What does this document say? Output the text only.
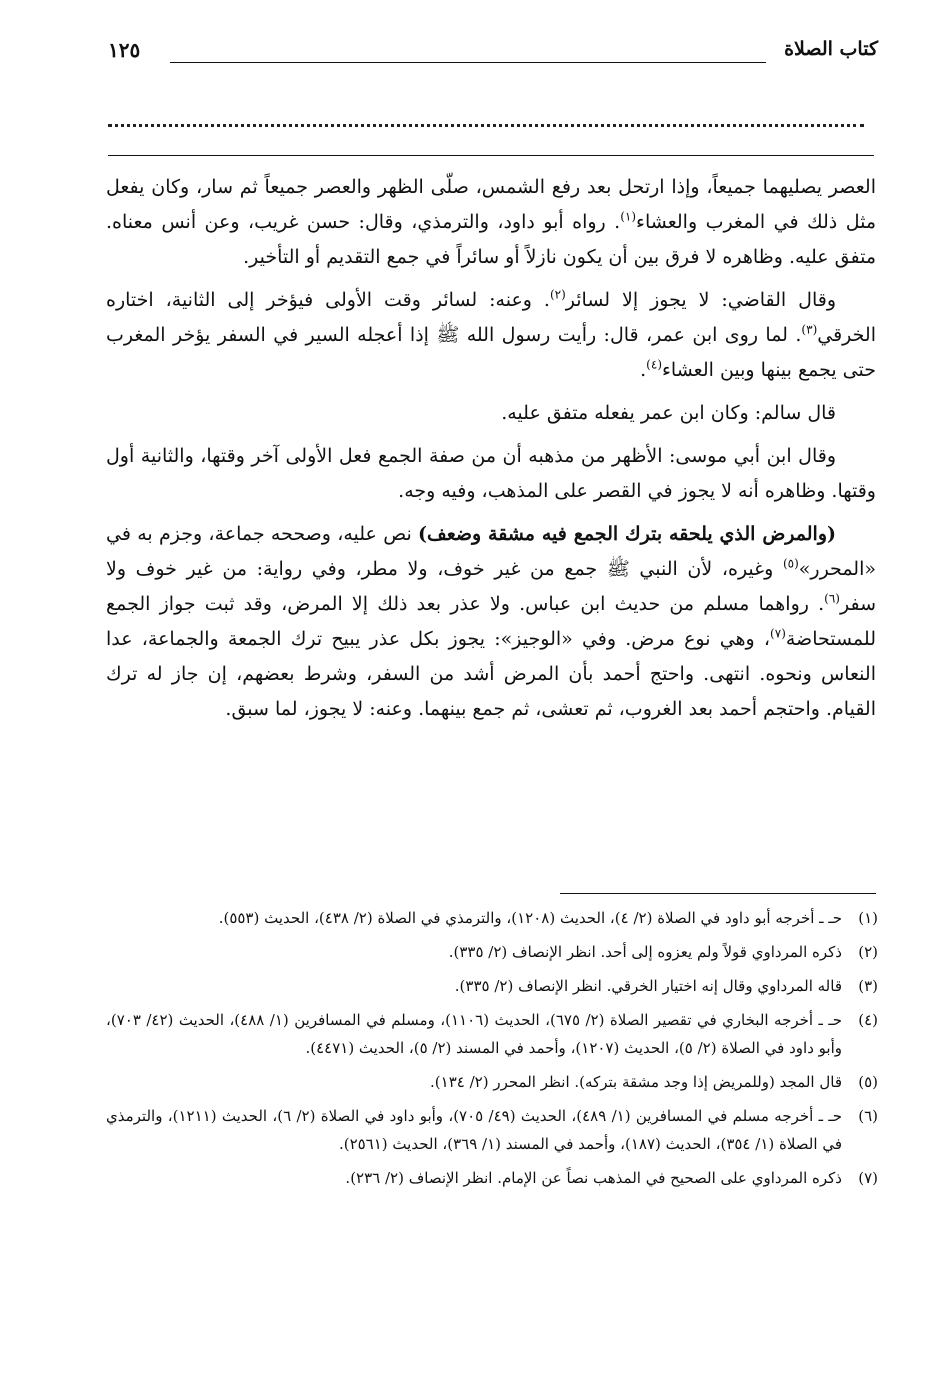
كتاب الصلاة
١٢٥

العصر يصليهما جميعاً، وإذا ارتحل بعد رفع الشمس، صلّى الظهر والعصر جميعاً ثم سار، وكان يفعل مثل ذلك في المغرب والعشاء$^{(١)}$. رواه أبو داود، والترمذي، وقال: حسن غريب، وعن أنس معناه. متفق عليه. وظاهره لا فرق بين أن يكون نازلاً أو سائراً في جمع التقديم أو التأخير.

وقال القاضي: لا يجوز إلا لسائر$^{(٢)}$. وعنه: لسائر وقت الأولى فيؤخر إلى الثانية، اختاره الخرقي$^{(٣)}$. لما روى ابن عمر، قال: رأيت رسول الله ﷺ إذا أعجله السير في السفر يؤخر المغرب حتى يجمع بينها وبين العشاء$^{(٤)}$.

قال سالم: وكان ابن عمر يفعله متفق عليه.

وقال ابن أبي موسى: الأظهر من مذهبه أن من صفة الجمع فعل الأولى آخر وقتها، والثانية أول وقتها. وظاهره أنه لا يجوز في القصر على المذهب، وفيه وجه.

(والمرض الذي يلحقه بترك الجمع فيه مشقة وضعف) نص عليه، وصححه جماعة، وجزم به في «المحرر»$^{(٥)}$ وغيره، لأن النبي ﷺ جمع من غير خوف، ولا مطر، وفي رواية: من غير خوف ولا سفر$^{(٦)}$. رواهما مسلم من حديث ابن عباس. ولا عذر بعد ذلك إلا المرض، وقد ثبت جواز الجمع للمستحاضة$^{(٧)}$، وهي نوع مرض. وفي «الوجيز»: يجوز بكل عذر يبيح ترك الجمعة والجماعة، عدا النعاس ونحوه. انتهى. واحتج أحمد بأن المرض أشد من السفر، وشرط بعضهم، إن جاز له ترك القيام. واحتجم أحمد بعد الغروب، ثم تعشى، ثم جمع بينهما. وعنه: لا يجوز، لما سبق.

(١)
حـ ـ أخرجه أبو داود في الصلاة (٢/ ٤)، الحديث (١٢٠٨)، والترمذي في الصلاة (٢/ ٤٣٨)، الحديث (٥٥٣).
(٢)
ذكره المرداوي قولاً ولم يعزوه إلى أحد. انظر الإنصاف (٢/ ٣٣٥).
(٣)
قاله المرداوي وقال إنه اختيار الخرقي. انظر الإنصاف (٢/ ٣٣٥).
(٤)
حـ ـ أخرجه البخاري في تقصير الصلاة (٢/ ٦٧٥)، الحديث (١١٠٦)، ومسلم في المسافرين (١/ ٤٨٨)، الحديث (٤٢/ ٧٠٣)، وأبو داود في الصلاة (٢/ ٥)، الحديث (١٢٠٧)، وأحمد في المسند (٢/ ٥)، الحديث (٤٤٧١).
(٥)
قال المجد (وللمريض إذا وجد مشقة بتركه). انظر المحرر (٢/ ١٣٤).
(٦)
حـ ـ أخرجه مسلم في المسافرين (١/ ٤٨٩)، الحديث (٤٩/ ٧٠٥)، وأبو داود في الصلاة (٢/ ٦)، الحديث (١٢١١)، والترمذي في الصلاة (١/ ٣٥٤)، الحديث (١٨٧)، وأحمد في المسند (١/ ٣٦٩)، الحديث (٢٥٦١).
(٧)
ذكره المرداوي على الصحيح في المذهب نصاً عن الإمام. انظر الإنصاف (٢/ ٢٣٦).
